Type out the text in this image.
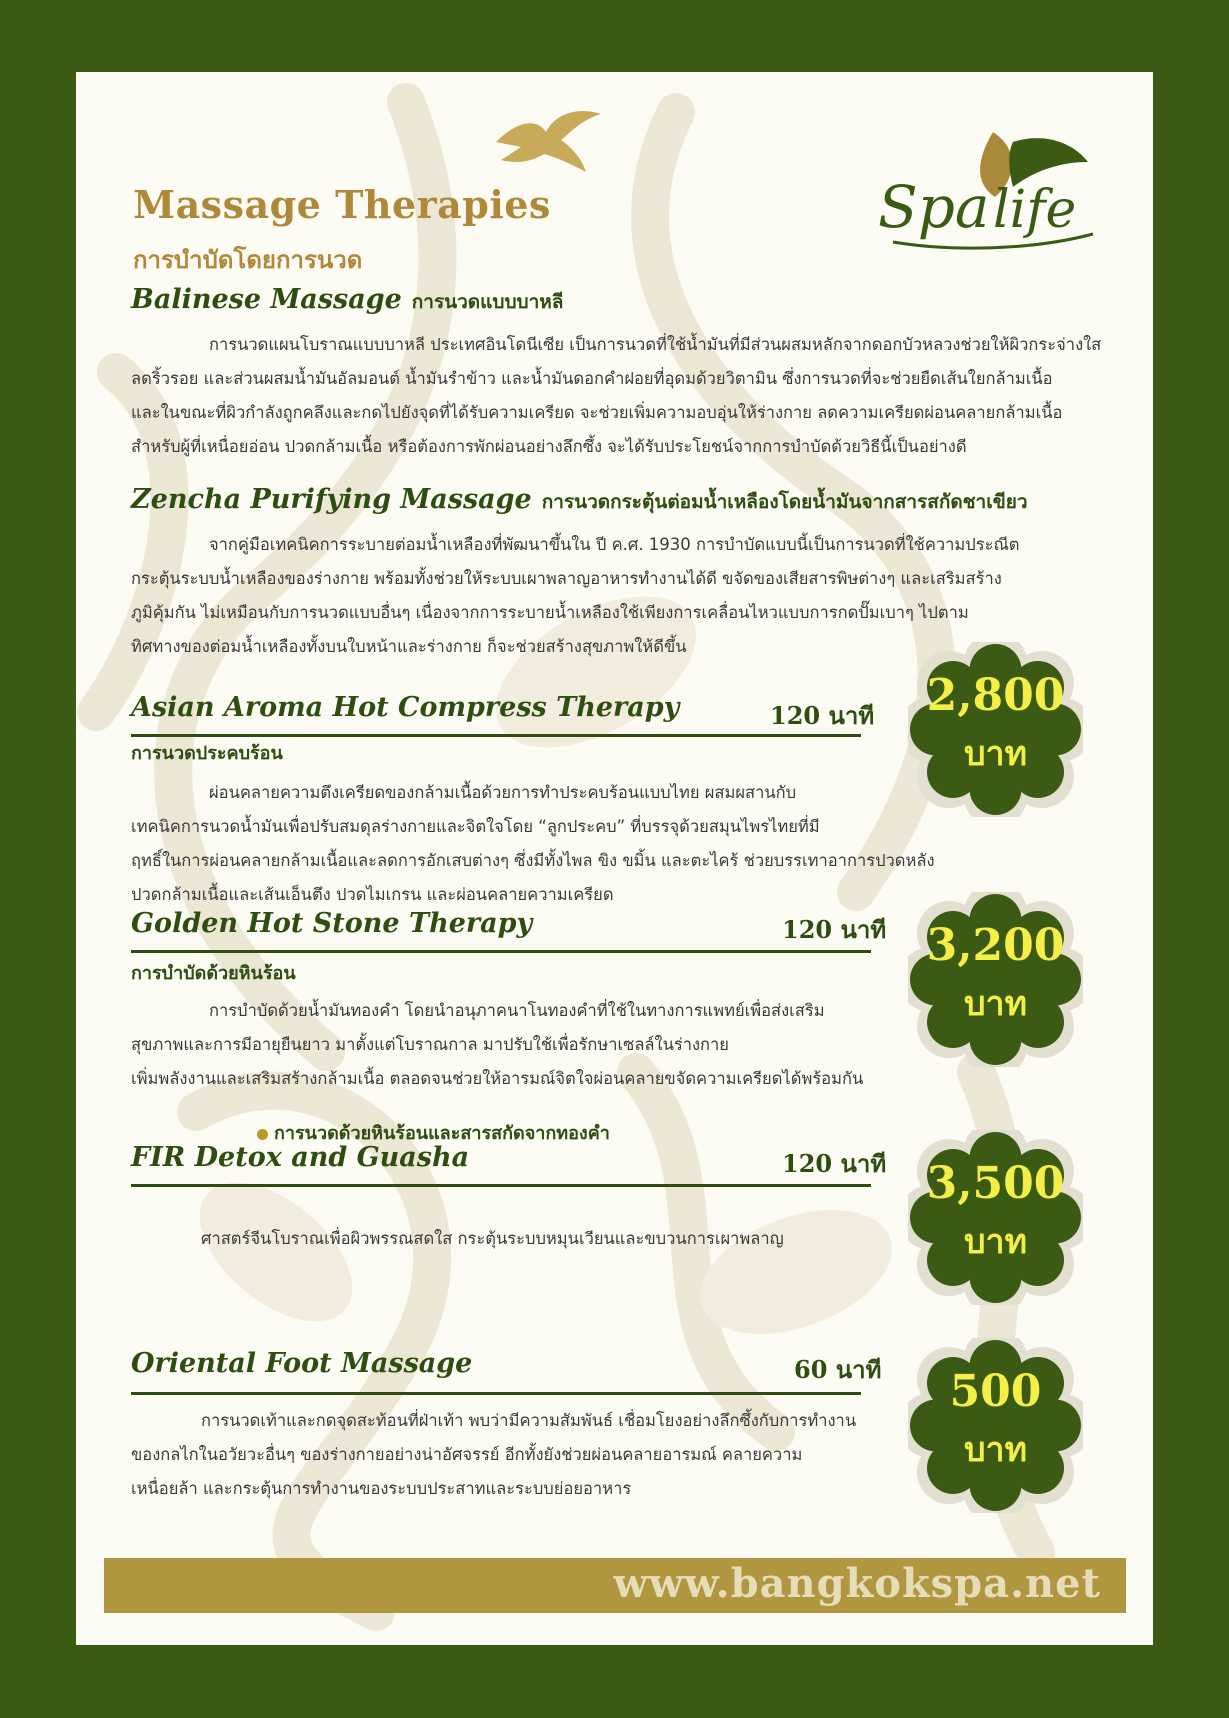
Spa life
Massage Therapies
การบำบัดโดยการนวด
Balinese Massage การนวดแบบบาหลี

การนวดแผนโบราณแบบบาหลี ประเทศอินโดนีเซีย เป็นการนวดที่ใช้น้ำมันที่มีส่วนผสมหลักจากดอกบัวหลวงช่วยให้ผิวกระจ่างใส

ลดริ้วรอย และส่วนผสมน้ำมันอัลมอนต์ น้ำมันรำข้าว และน้ำมันดอกคำฝอยที่อุดมด้วยวิตามิน ซึ่งการนวดที่จะช่วยยืดเส้นใยกล้ามเนื้อ
และในขณะที่ผิวกำลังถูกคลึงและกดไปยังจุดที่ได้รับความเครียด จะช่วยเพิ่มความอบอุ่นให้ร่างกาย ลดความเครียดผ่อนคลายกล้ามเนื้อ
สำหรับผู้ที่เหนื่อยอ่อน ปวดกล้ามเนื้อ หรือต้องการพักผ่อนอย่างลึกซึ้ง จะได้รับประโยชน์จากการบำบัดด้วยวิธีนี้เป็นอย่างดี
Zencha Purifying Massage การนวดกระตุ้นต่อมน้ำเหลืองโดยน้ำมันจากสารสกัดชาเขียว

จากคู่มือเทคนิคการระบายต่อมน้ำเหลืองที่พัฒนาขึ้นใน ปี ค.ศ. 1930 การบำบัดแบบนี้เป็นการนวดที่ใช้ความประณีต

กระตุ้นระบบน้ำเหลืองของร่างกาย พร้อมทั้งช่วยให้ระบบเผาพลาญอาหารทำงานได้ดี ขจัดของเสียสารพิษต่างๆ และเสริมสร้าง
ภูมิคุ้มกัน ไม่เหมือนกับการนวดแบบอื่นๆ เนื่องจากการระบายน้ำเหลืองใช้เพียงการเคลื่อนไหวแบบการกดปั๊มเบาๆ ไปตาม
ทิศทางของต่อมน้ำเหลืองทั้งบนใบหน้าและร่างกาย ก็จะช่วยสร้างสุขภาพให้ดีขึ้น
Asian Aroma Hot Compress Therapy	120 นาที
การนวดประคบร้อน

ผ่อนคลายความตึงเครียดของกล้ามเนื้อด้วยการทำประคบร้อนแบบไทย ผสมผสานกับ

เทคนิคการนวดน้ำมันเพื่อปรับสมดุลร่างกายและจิตใจโดย “ลูกประคบ” ที่บรรจุด้วยสมุนไพรไทยที่มี
ฤทธิ์ในการผ่อนคลายกล้ามเนื้อและลดการอักเสบต่างๆ ซึ่งมีทั้งไพล ขิง ขมิ้น และตะไคร้ ช่วยบรรเทาอาการปวดหลัง
ปวดกล้ามเนื้อและเส้นเอ็นตึง ปวดไมเกรน และผ่อนคลายความเครียด
2,800
บาท
Golden Hot Stone Therapy	120 นาที
การบำบัดด้วยหินร้อน

การบำบัดด้วยน้ำมันทองคำ โดยนำอนุภาคนาโนทองคำที่ใช้ในทางการแพทย์เพื่อส่งเสริม

สุขภาพและการมีอายุยืนยาว มาตั้งแต่โบราณกาล มาปรับใช้เพื่อรักษาเซลล์ในร่างกาย
เพิ่มพลังงานและเสริมสร้างกล้ามเนื้อ ตลอดจนช่วยให้อารมณ์จิตใจผ่อนคลายขจัดความเครียดได้พร้อมกัน
การนวดด้วยหินร้อนและสารสกัดจากทองคำ
3,200
บาท
FIR Detox and Guasha	120 นาที

ศาสตร์จีนโบราณเพื่อผิวพรรณสดใส กระตุ้นระบบหมุนเวียนและขบวนการเผาพลาญ

3,500
บาท
Oriental Foot Massage	60 นาที

การนวดเท้าและกดจุดสะท้อนที่ฝ่าเท้า พบว่ามีความสัมพันธ์ เชื่อมโยงอย่างลึกซึ้งกับการทำงาน

ของกลไกในอวัยวะอื่นๆ ของร่างกายอย่างน่าอัศจรรย์ อีกทั้งยังช่วยผ่อนคลายอารมณ์ คลายความ
เหนื่อยล้า และกระตุ้นการทำงานของระบบประสาทและระบบย่อยอาหาร
500
บาท
www.bangkokspa.net
